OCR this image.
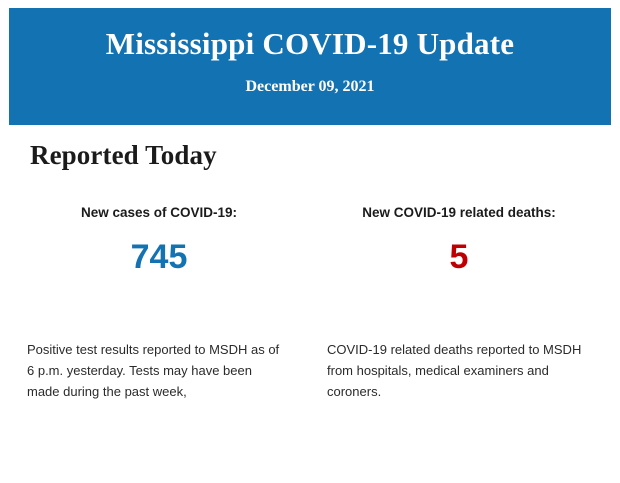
Mississippi COVID-19 Update
December 09, 2021
Reported Today
New cases of COVID-19:
745
New COVID-19 related deaths:
5
Positive test results reported to MSDH as of 6 p.m. yesterday. Tests may have been made during the past week,
COVID-19 related deaths reported to MSDH from hospitals, medical examiners and coroners.
